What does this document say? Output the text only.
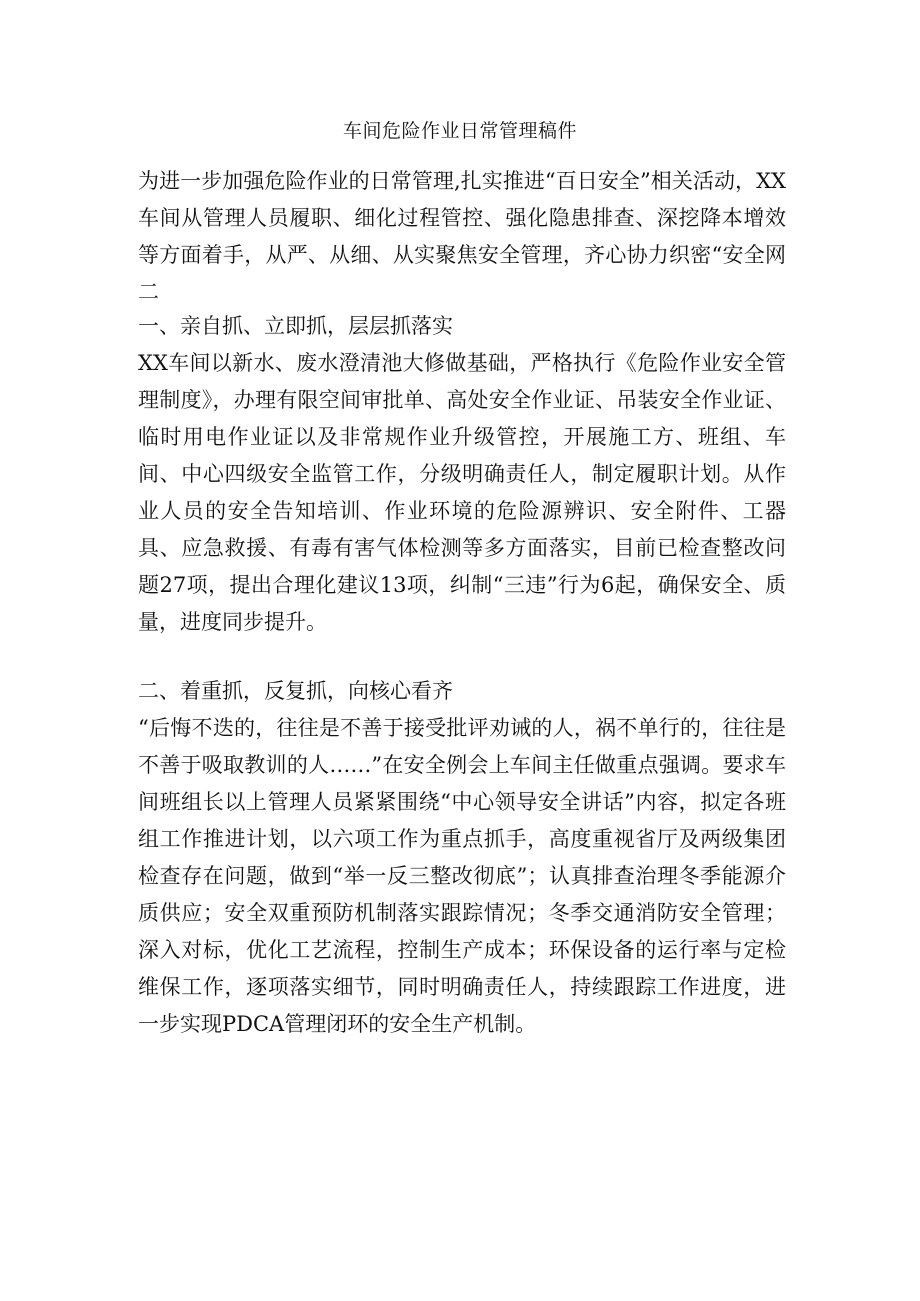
车间危险作业日常管理稿件

为进一步加强危险作业的日常管理,扎实推进“百日安全”相关活动，XX车间从管理人员履职、细化过程管控、强化隐患排查、深挖降本增效等方面着手，从严、从细、从实聚焦安全管理，齐心协力织密“安全网二

一、亲自抓、立即抓，层层抓落实

XX车间以新水、废水澄清池大修做基础，严格执行《危险作业安全管理制度》，办理有限空间审批单、高处安全作业证、吊装安全作业证、临时用电作业证以及非常规作业升级管控，开展施工方、班组、车间、中心四级安全监管工作，分级明确责任人，制定履职计划。从作业人员的安全告知培训、作业环境的危险源辨识、安全附件、工器具、应急救援、有毒有害气体检测等多方面落实，目前已检查整改问题27项，提出合理化建议13项，纠制“三违”行为6起，确保安全、质量，进度同步提升。

二、着重抓，反复抓，向核心看齐

“后悔不迭的，往往是不善于接受批评劝诫的人，祸不单行的，往往是不善于吸取教训的人……”在安全例会上车间主任做重点强调。要求车间班组长以上管理人员紧紧围绕“中心领导安全讲话”内容，拟定各班组工作推进计划，以六项工作为重点抓手，高度重视省厅及两级集团检查存在问题，做到“举一反三整改彻底”；认真排查治理冬季能源介质供应；安全双重预防机制落实跟踪情况；冬季交通消防安全管理；深入对标，优化工艺流程，控制生产成本；环保设备的运行率与定检维保工作，逐项落实细节，同时明确责任人，持续跟踪工作进度，进一步实现PDCA管理闭环的安全生产机制。
